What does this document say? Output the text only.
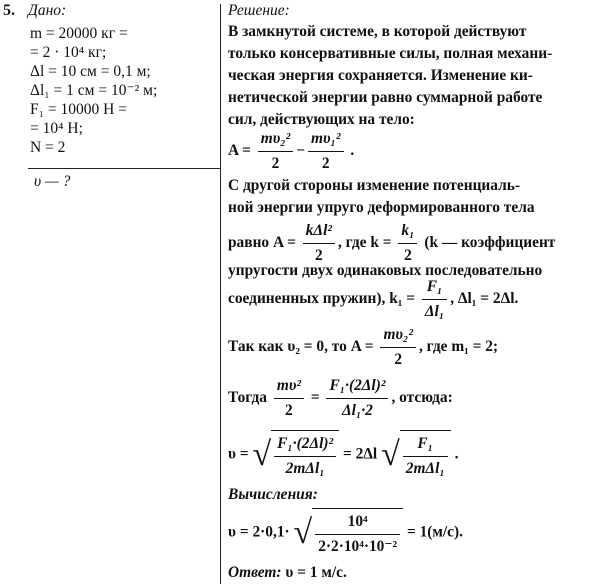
5. Дано:
m = 20000 кг =
= 2 · 10⁴ кг;
Δl = 10 см = 0,1 м;
Δl₁ = 1 см = 10⁻² м;
F₁ = 10000 Н =
= 10⁴ Н;
N = 2
υ — ?
Решение:
В замкнутой системе, в которой действуют
только консервативные силы, полная механи-
ческая энергия сохраняется. Изменение ки-
нетической энергии равно суммарной работе
сил, действующих на тело:
$A = \frac{\text{mυ₂²}}{2} - \frac{\text{mυ₁²}}{2}$ .
С другой стороны изменение потенциаль-
ной энергии упруго деформированного тела
равно $A = \frac{\text{kΔl²}}{2}$ , где $k = \frac{\text{k₁}}{2} (k$ — коэффициент
упругости двух одинаковых последовательно
соединенных пружин), $k_1 = \frac{\text{F₁}}{\text{Δl₁}}$ , Δl₁ = 2Δl.
Так как υ₂ = 0, то $A = \frac{\text{mυ₂²}}{2}$ , где m₁ = 2;
Тогда $\frac{\text{mυ²}}{2} = \frac{\text{F₁·(2Δl)²}}{\text{Δl₁·2}}$ , отсюда:
υ = √ $\frac{\text{F₁·(2Δl)²}}{\text{2mΔl₁}} = 2\Delta l$ √ $\frac{\text{F₁}}{\text{2mΔl₁}}$ .
Вычисления:
υ = 2·0,1· √ $\frac{\text{10⁴}}{\text{2·2·10⁴·10⁻²}} = 1(м/с)$.
Ответ: υ = 1 м/с.
